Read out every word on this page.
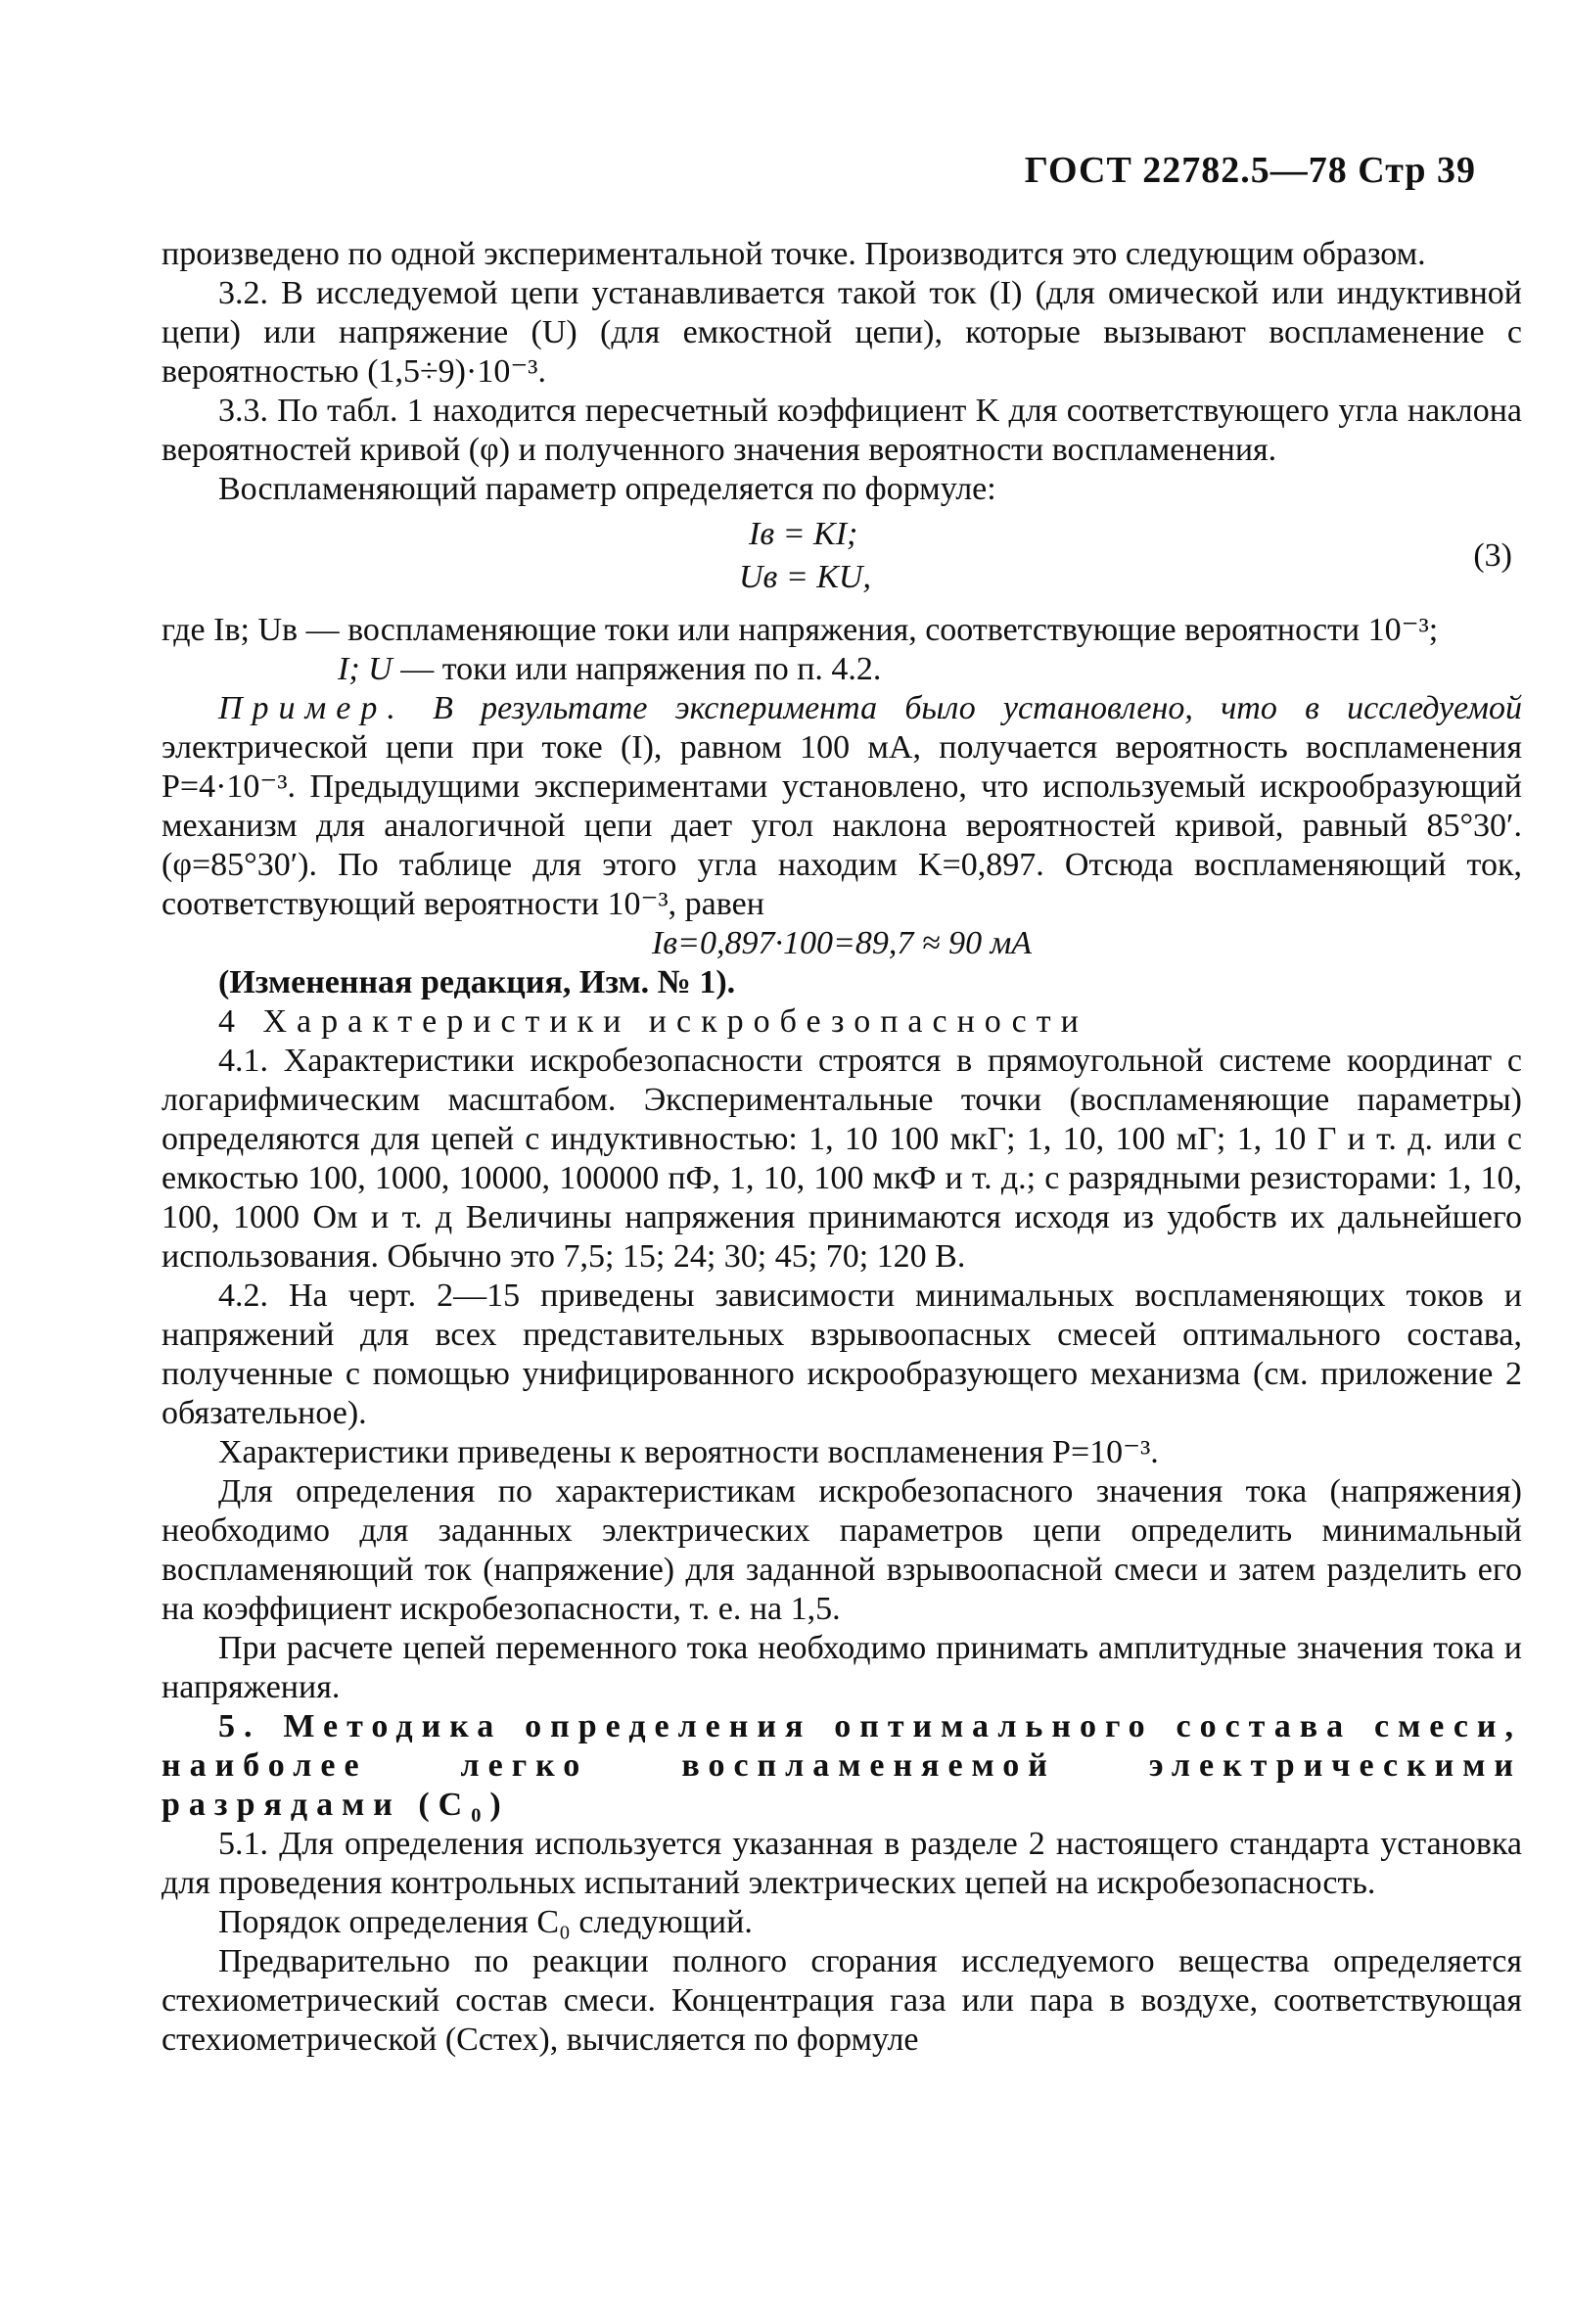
ГОСТ 22782.5—78 Стр 39

произведено по одной экспериментальной точке. Производится это следующим образом.

3.2. В исследуемой цепи устанавливается такой ток (I) (для омической или индуктивной цепи) или напряжение (U) (для емкостной цепи), которые вызывают воспламенение с вероятностью (1,5÷9)·10⁻³.

3.3. По табл. 1 находится пересчетный коэффициент K для соответствующего угла наклона вероятностей кривой (φ) и полученного значения вероятности воспламенения.

Воспламеняющий параметр определяется по формуле:

Iв = KI;
Uв = KU,
(3)

где Iв; Uв — воспламеняющие токи или напряжения, соответствующие вероятности 10⁻³;

I; U — токи или напряжения по п. 4.2.

Пример. В результате эксперимента было установлено, что в исследуемой электрической цепи при токе (I), равном 100 мА, получается вероятность воспламенения P=4·10⁻³. Предыдущими экспериментами установлено, что используемый искрообразующий механизм для аналогичной цепи дает угол наклона вероятностей кривой, равный 85°30′. (φ=85°30′). По таблице для этого угла находим K=0,897. Отсюда воспламеняющий ток, соответствующий вероятности 10⁻³, равен

Iв=0,897·100=89,7 ≈ 90 мА

(Измененная редакция, Изм. № 1).

4 Характеристики искробезопасности

4.1. Характеристики искробезопасности строятся в прямоугольной системе координат с логарифмическим масштабом. Экспериментальные точки (воспламеняющие параметры) определяются для цепей с индуктивностью: 1, 10 100 мкГ; 1, 10, 100 мГ; 1, 10 Г и т. д. или с емкостью 100, 1000, 10000, 100000 пФ, 1, 10, 100 мкФ и т. д.; с разрядными резисторами: 1, 10, 100, 1000 Ом и т. д Величины напряжения принимаются исходя из удобств их дальнейшего использования. Обычно это 7,5; 15; 24; 30; 45; 70; 120 В.

4.2. На черт. 2—15 приведены зависимости минимальных воспламеняющих токов и напряжений для всех представительных взрывоопасных смесей оптимального состава, полученные с помощью унифицированного искрообразующего механизма (см. приложение 2 обязательное).

Характеристики приведены к вероятности воспламенения P=10⁻³.

Для определения по характеристикам искробезопасного значения тока (напряжения) необходимо для заданных электрических параметров цепи определить минимальный воспламеняющий ток (напряжение) для заданной взрывоопасной смеси и затем разделить его на коэффициент искробезопасности, т. е. на 1,5.

При расчете цепей переменного тока необходимо принимать амплитудные значения тока и напряжения.

5. Методика определения оптимального состава смеси, наиболее легко воспламеняемой электрическими разрядами (C₀)

5.1. Для определения используется указанная в разделе 2 настоящего стандарта установка для проведения контрольных испытаний электрических цепей на искробезопасность.

Порядок определения C₀ следующий.

Предварительно по реакции полного сгорания исследуемого вещества определяется стехиометрический состав смеси. Концентрация газа или пара в воздухе, соответствующая стехиометрической (Cстех), вычисляется по формуле
